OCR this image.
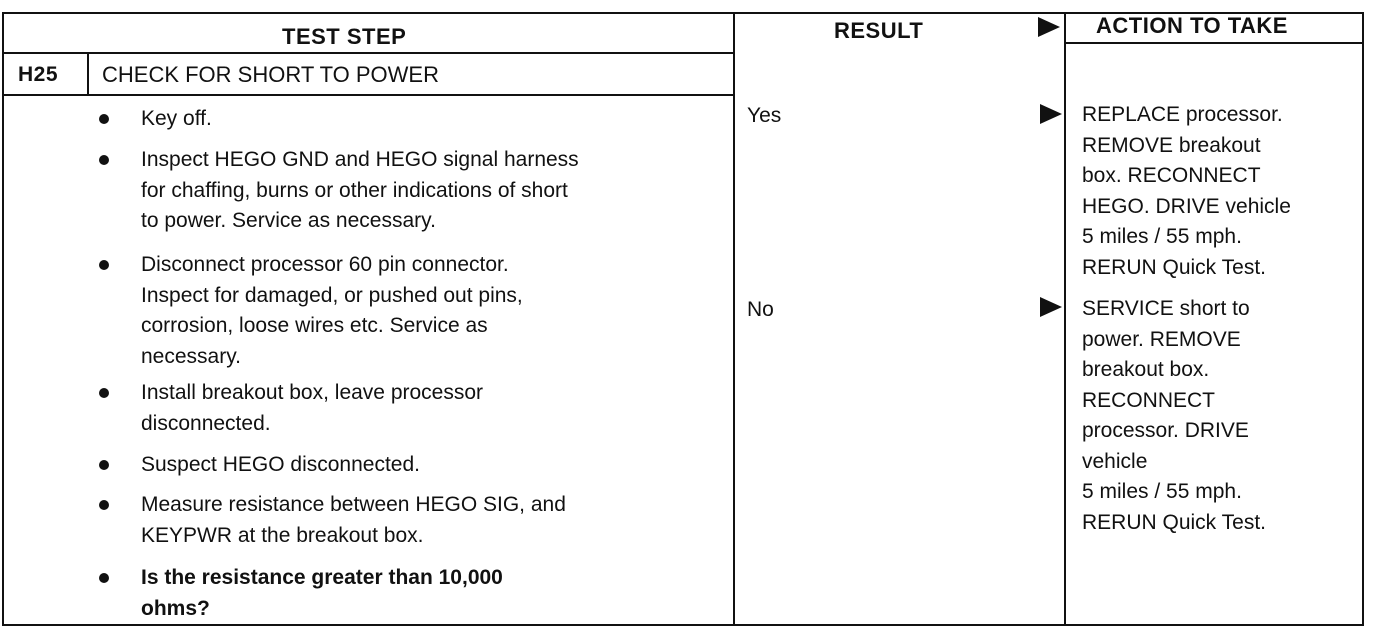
TEST STEP	RESULT	ACTION TO TAKE
H25 CHECK FOR SHORT TO POWER
Key off.
Inspect HEGO GND and HEGO signal harness
for chaffing, burns or other indications of short
to power. Service as necessary.
Disconnect processor 60 pin connector.
Inspect for damaged, or pushed out pins,
corrosion, loose wires etc. Service as
necessary.
Install breakout box, leave processor
disconnected.
Suspect HEGO disconnected.
Measure resistance between HEGO SIG, and
KEYPWR at the breakout box.
Is the resistance greater than 10,000
ohms?
Yes	REPLACE processor.
REMOVE breakout
box. RECONNECT
HEGO. DRIVE vehicle
5 miles / 55 mph.
RERUN Quick Test.
No	SERVICE short to
power. REMOVE
breakout box.
RECONNECT
processor. DRIVE
vehicle
5 miles / 55 mph.
RERUN Quick Test.
